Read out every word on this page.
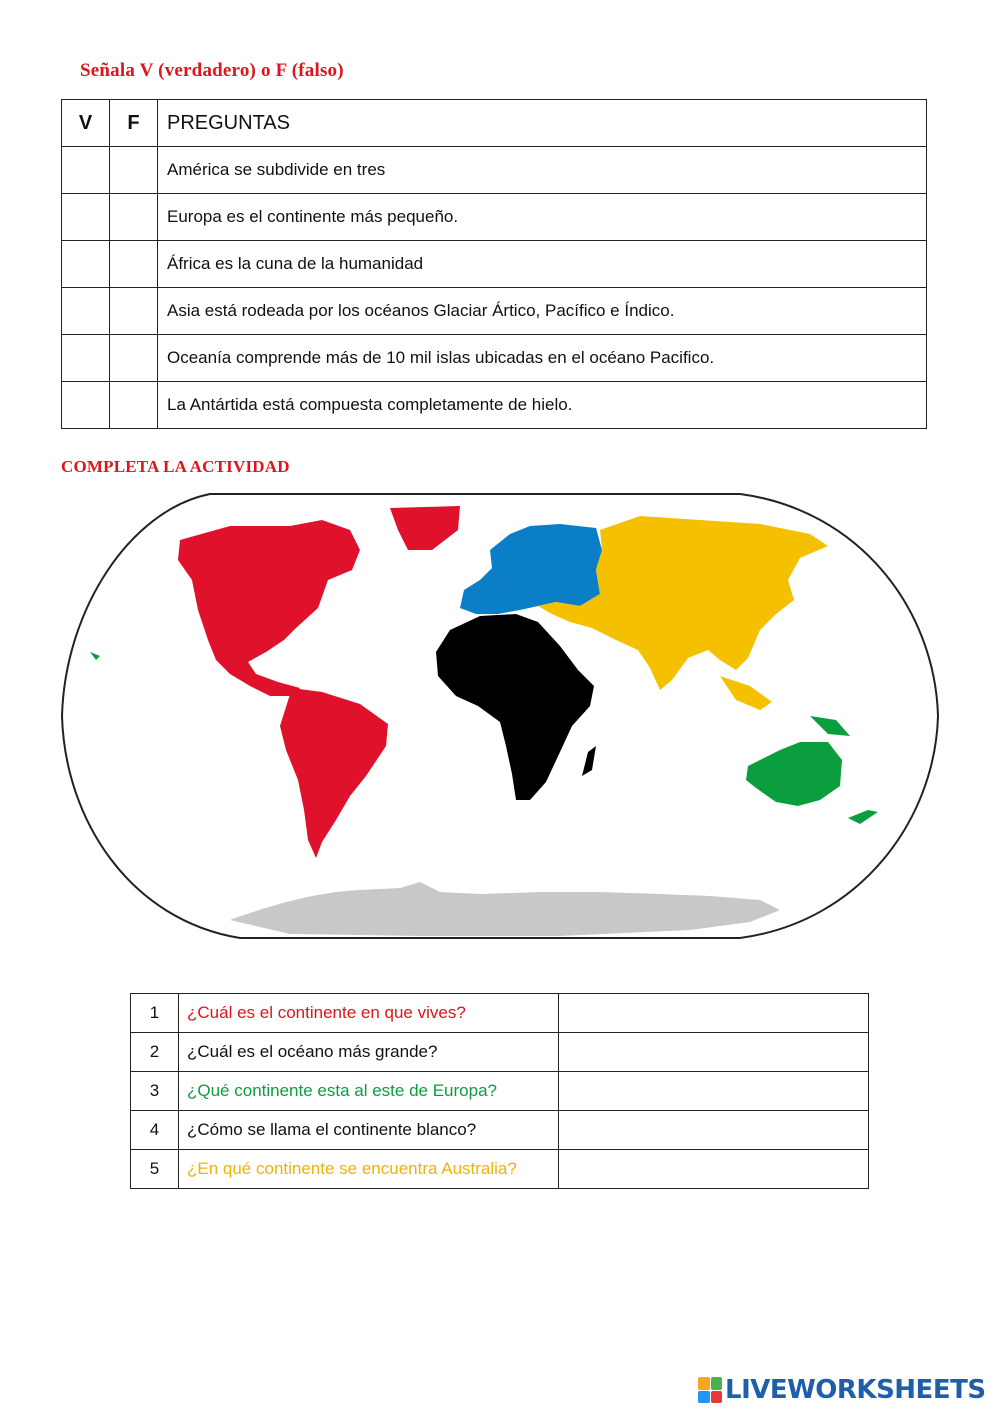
Señala V (verdadero) o F (falso)
V	F	PREGUNTAS
		América se subdivide en tres
		Europa es el continente más pequeño.
		África es la cuna de la humanidad
		Asia está rodeada por los océanos Glaciar Ártico, Pacífico e Índico.
		Oceanía comprende más de 10 mil islas ubicadas en el océano Pacifico.
		La Antártida está compuesta completamente de hielo.
COMPLETA LA ACTIVIDAD
1	¿Cuál es el continente en que vives?	
2	¿Cuál es el océano más grande?	
3	¿Qué continente esta al este de Europa?	
4	¿Cómo se llama el continente blanco?	
5	¿En qué continente se encuentra Australia?	
LIVEWORKSHEETS
